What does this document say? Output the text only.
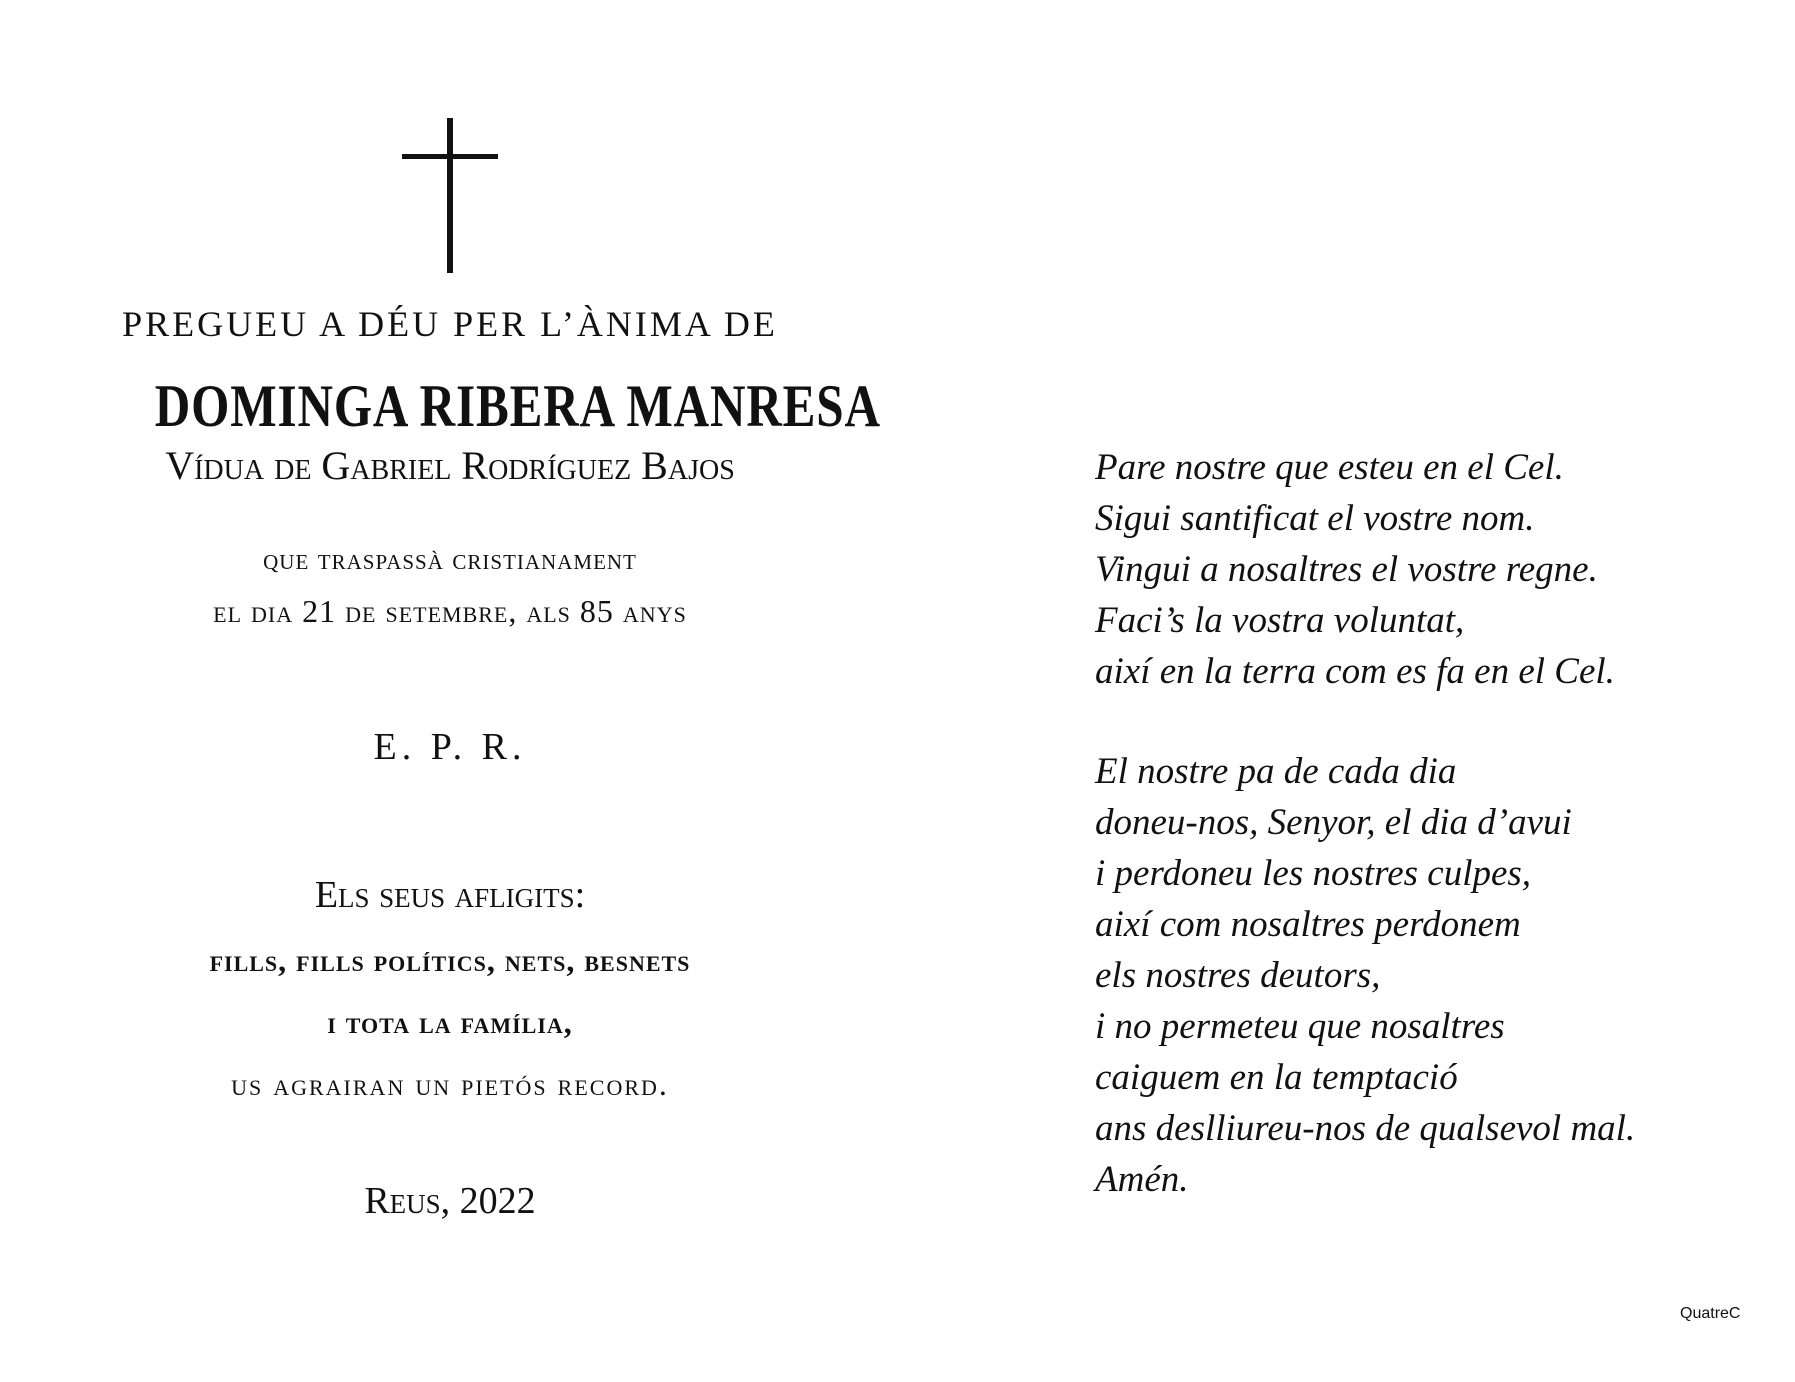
PREGUEU A DÉU PER L’ÀNIMA DE
DOMINGA RIBERA MANRESA
Vídua de Gabriel Rodríguez Bajos
que traspassà cristianament
el dia 21 de setembre, als 85 anys
E. P. R.
Els seus afligits:
fills, fills polítics, nets, besnets
i tota la família,
us agrairan un pietós record.
Reus, 2022
Pare nostre que esteu en el Cel.
Sigui santificat el vostre nom.
Vingui a nosaltres el vostre regne.
Faci’s la vostra voluntat,
així en la terra com es fa en el Cel.
El nostre pa de cada dia
doneu-nos, Senyor, el dia d’avui
i perdoneu les nostres culpes,
així com nosaltres perdonem
els nostres deutors,
i no permeteu que nosaltres
caiguem en la temptació
ans deslliureu-nos de qualsevol mal.
Amén.
QuatreC
